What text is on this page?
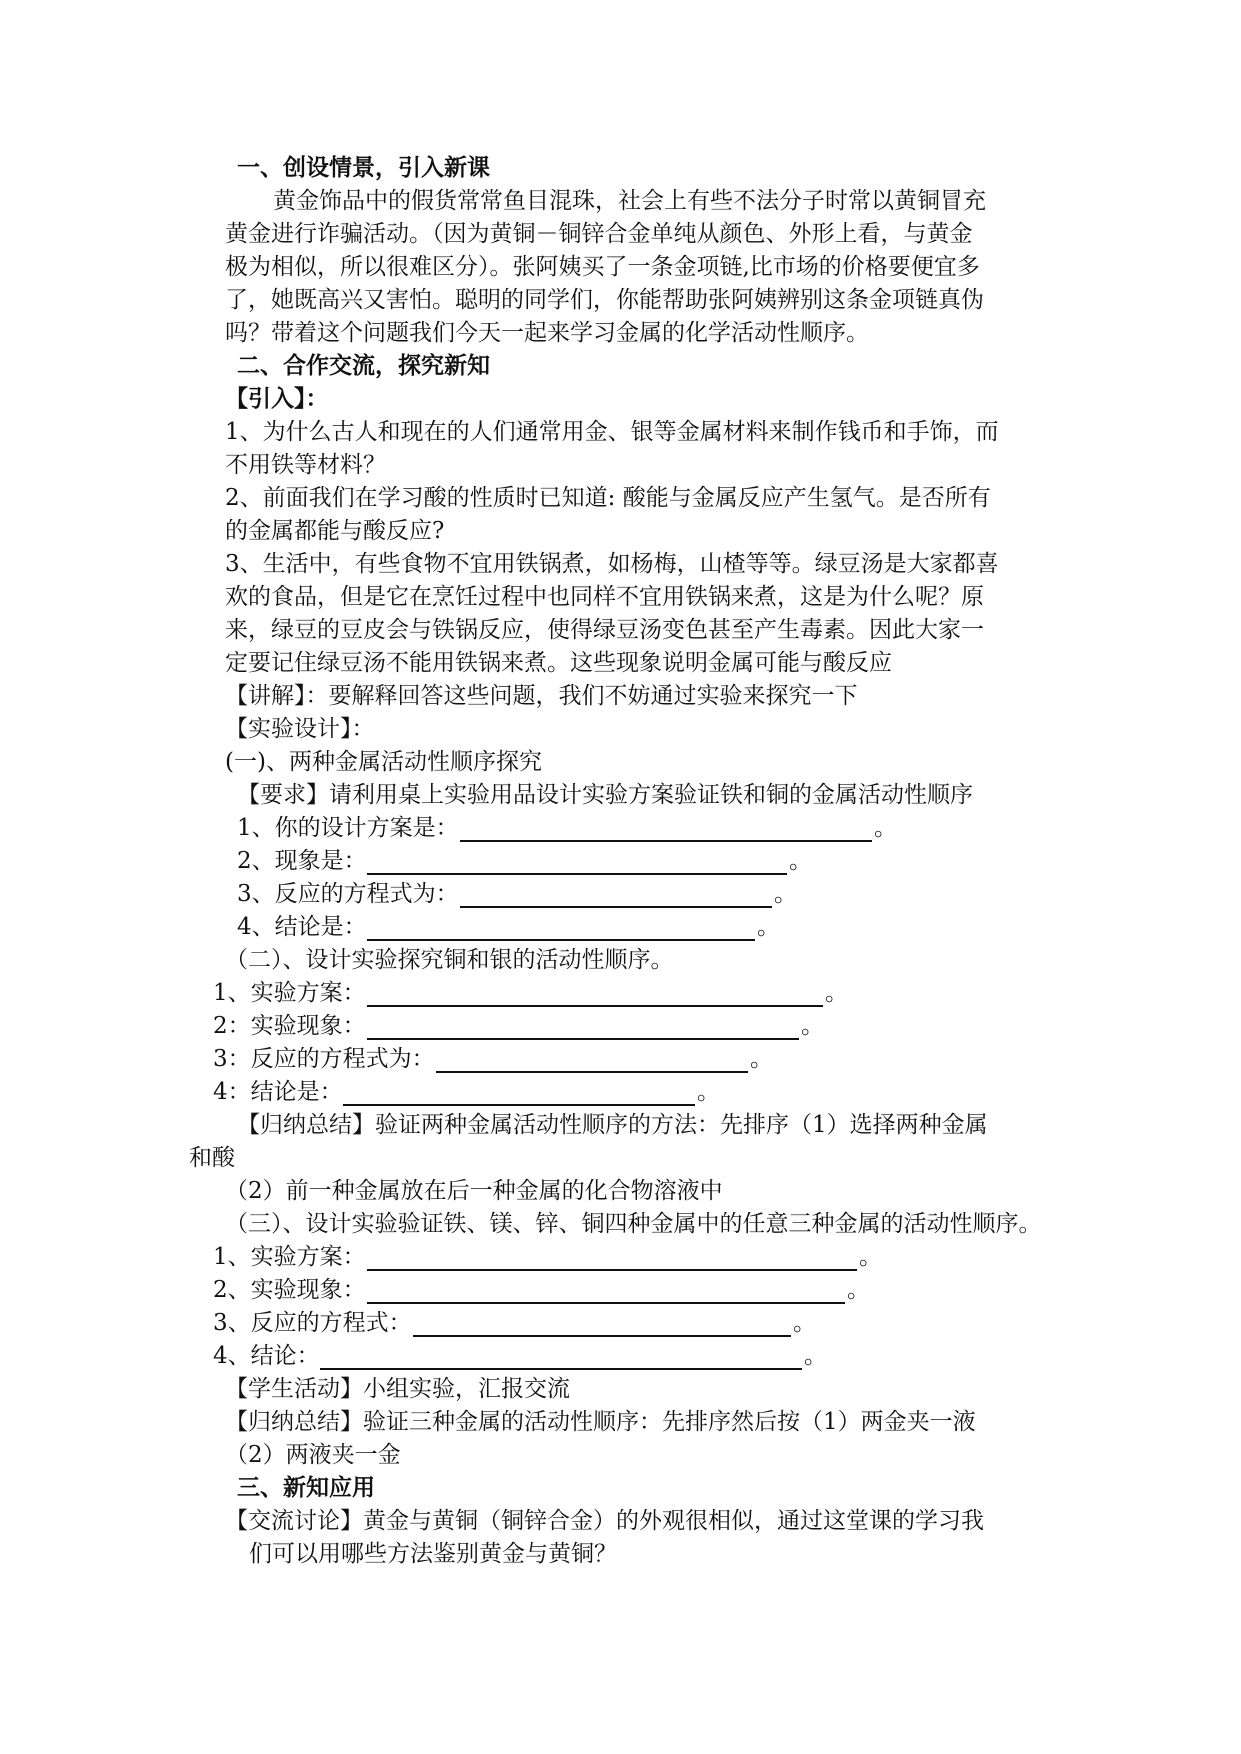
一、创设情景，引入新课
黄金饰品中的假货常常鱼目混珠，社会上有些不法分子时常以黄铜冒充
黄金进行诈骗活动。（因为黄铜－铜锌合金单纯从颜色、外形上看，与黄金
极为相似，所以很难区分）。张阿姨买了一条金项链,比市场的价格要便宜多
了，她既高兴又害怕。聪明的同学们，你能帮助张阿姨辨别这条金项链真伪
吗？带着这个问题我们今天一起来学习金属的化学活动性顺序。
二、合作交流，探究新知
【引入】：
1、为什么古人和现在的人们通常用金、银等金属材料来制作钱币和手饰，而
不用铁等材料？
2、前面我们在学习酸的性质时已知道: 酸能与金属反应产生氢气。是否所有
的金属都能与酸反应?
3、生活中，有些食物不宜用铁锅煮，如杨梅，山楂等等。绿豆汤是大家都喜
欢的食品，但是它在烹饪过程中也同样不宜用铁锅来煮，这是为什么呢？原
来，绿豆的豆皮会与铁锅反应，使得绿豆汤变色甚至产生毒素。因此大家一
定要记住绿豆汤不能用铁锅来煮。这些现象说明金属可能与酸反应
【讲解】：要解释回答这些问题，我们不妨通过实验来探究一下
【实验设计】：
(一)、两种金属活动性顺序探究
【要求】请利用桌上实验用品设计实验方案验证铁和铜的金属活动性顺序
1、你的设计方案是：	。
2、现象是：	。
3、反应的方程式为：	。
4、结论是：	。
（二）、设计实验探究铜和银的活动性顺序。
1、实验方案：	。
2：实验现象：	。
3：反应的方程式为：	。
4：结论是：	。
【归纳总结】验证两种金属活动性顺序的方法：先排序（1）选择两种金属
和酸
（2）前一种金属放在后一种金属的化合物溶液中
（三）、设计实验验证铁、镁、锌、铜四种金属中的任意三种金属的活动性顺序。
1、实验方案：	。
2、实验现象：	。
3、反应的方程式：	。
4、结论：	。
【学生活动】小组实验，汇报交流
【归纳总结】验证三种金属的活动性顺序：先排序然后按（1）两金夹一液
（2）两液夹一金
三、新知应用
【交流讨论】黄金与黄铜（铜锌合金）的外观很相似，通过这堂课的学习我
们可以用哪些方法鉴别黄金与黄铜？
